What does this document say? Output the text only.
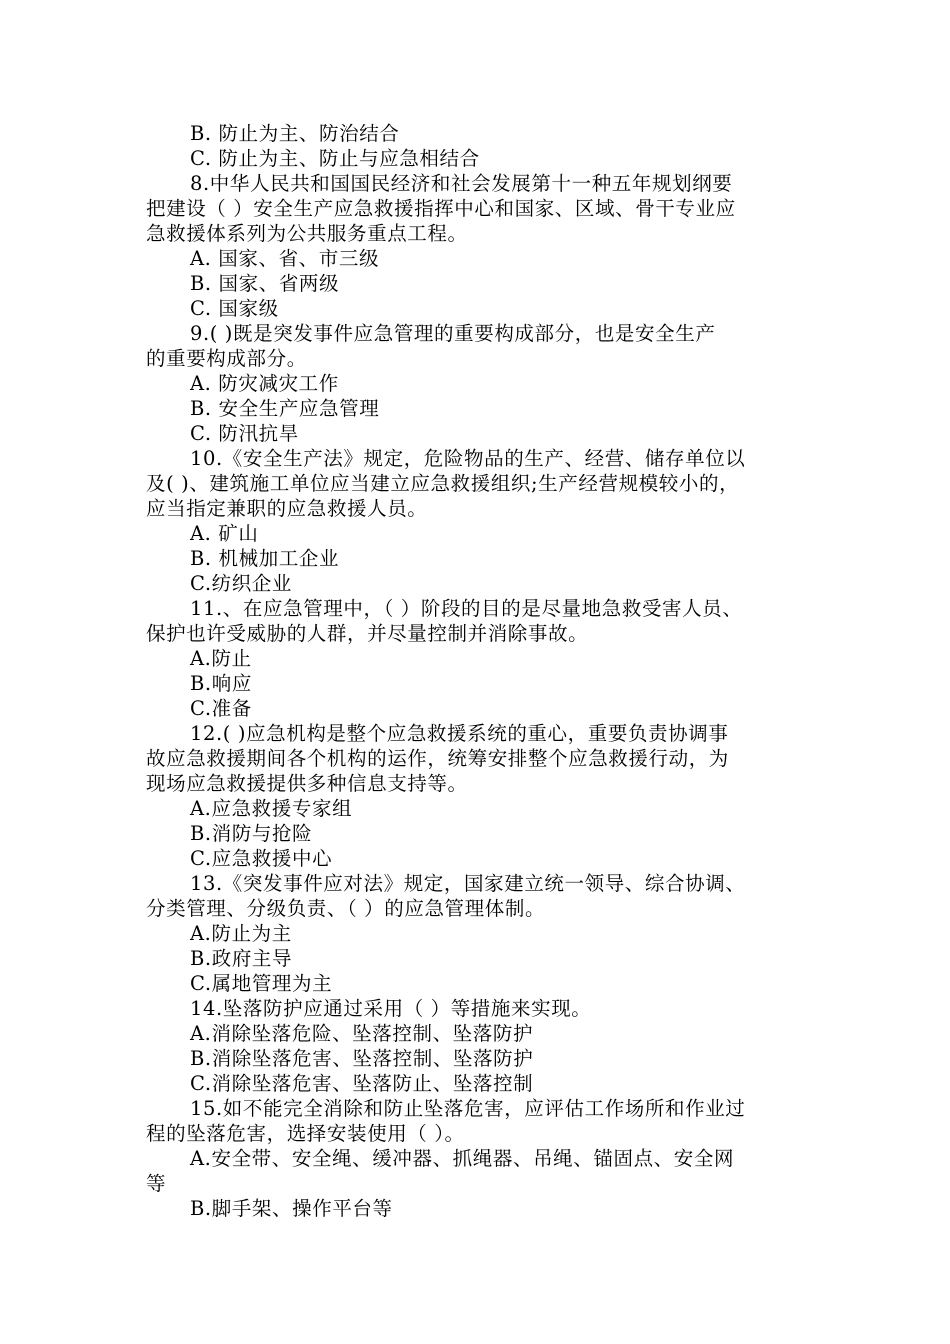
B. 防止为主、防治结合
C. 防止为主、防止与应急相结合
8.中华人民共和国国民经济和社会发展第十一种五年规划纲要
把建设（ ）安全生产应急救援指挥中心和国家、区域、骨干专业应
急救援体系列为公共服务重点工程。
A. 国家、省、市三级
B. 国家、省两级
C. 国家级
9.( )既是突发事件应急管理的重要构成部分，也是安全生产
的重要构成部分。
A. 防灾减灾工作
B. 安全生产应急管理
C. 防汛抗旱
10.《安全生产法》规定，危险物品的生产、经营、储存单位以
及( )、建筑施工单位应当建立应急救援组织;生产经营规模较小的，
应当指定兼职的应急救援人员。
A. 矿山
B. 机械加工企业
C.纺织企业
11.、在应急管理中，（ ）阶段的目的是尽量地急救受害人员、
保护也许受威胁的人群，并尽量控制并消除事故。
A.防止
B.响应
C.准备
12.( )应急机构是整个应急救援系统的重心，重要负责协调事
故应急救援期间各个机构的运作，统筹安排整个应急救援行动，为
现场应急救援提供多种信息支持等。
A.应急救援专家组
B.消防与抢险
C.应急救援中心
13.《突发事件应对法》规定，国家建立统一领导、综合协调、
分类管理、分级负责、（ ）的应急管理体制。
A.防止为主
B.政府主导
C.属地管理为主
14.坠落防护应通过采用（ ）等措施来实现。
A.消除坠落危险、坠落控制、坠落防护
B.消除坠落危害、坠落控制、坠落防护
C.消除坠落危害、坠落防止、坠落控制
15.如不能完全消除和防止坠落危害，应评估工作场所和作业过
程的坠落危害，选择安装使用（ ）。
A.安全带、安全绳、缓冲器、抓绳器、吊绳、锚固点、安全网
等
B.脚手架、操作平台等
